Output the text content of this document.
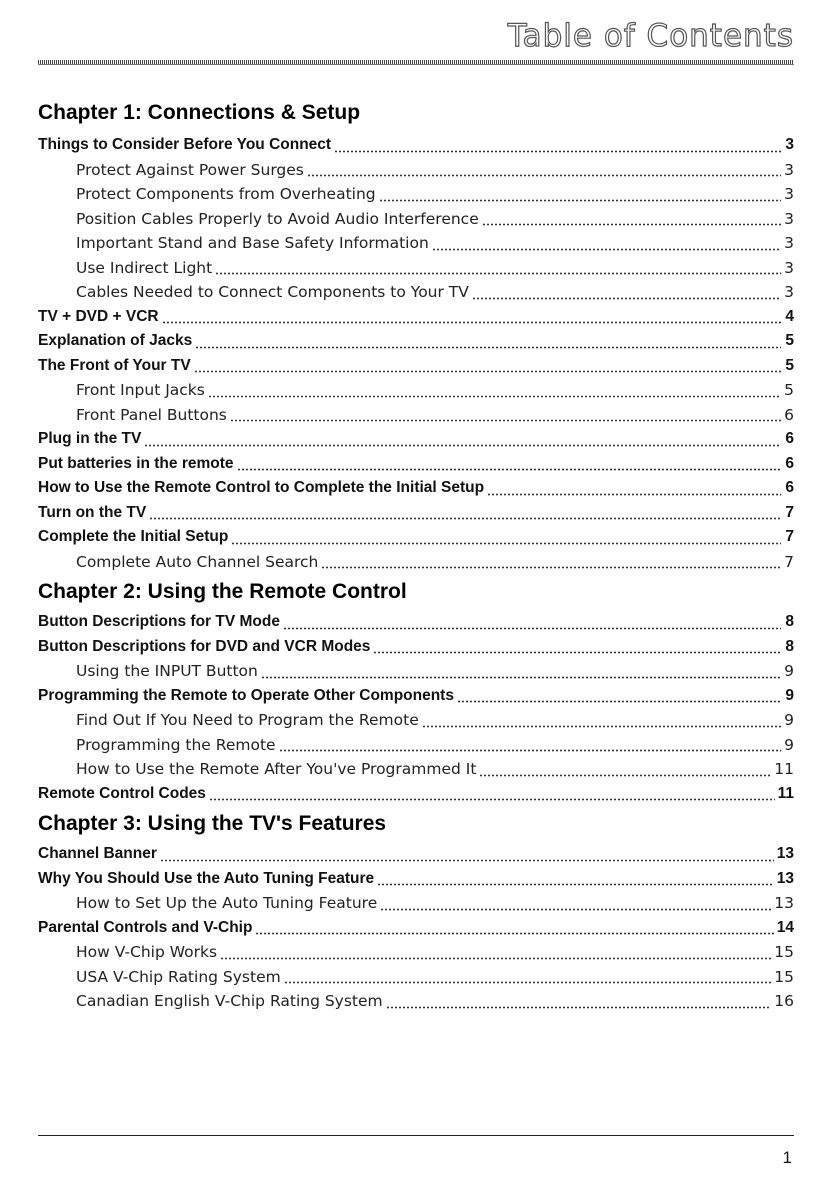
Table of Contents
Chapter 1: Connections & Setup
Things to Consider Before You Connect	3
Protect Against Power Surges	3
Protect Components from Overheating	3
Position Cables Properly to Avoid Audio Interference	3
Important Stand and Base Safety Information	3
Use Indirect Light	3
Cables Needed to Connect Components to Your TV	3
TV + DVD + VCR	4
Explanation of Jacks	5
The Front of Your TV	5
Front Input Jacks	5
Front Panel Buttons	6
Plug in the TV	6
Put batteries in the remote	6
How to Use the Remote Control to Complete the Initial Setup	6
Turn on the TV	7
Complete the Initial Setup	7
Complete Auto Channel Search	7
Chapter 2: Using the Remote Control
Button Descriptions for TV Mode	8
Button Descriptions for DVD and VCR Modes	8
Using the INPUT Button	9
Programming the Remote to Operate Other Components	9
Find Out If You Need to Program the Remote	9
Programming the Remote	9
How to Use the Remote After You've Programmed It	11
Remote Control Codes	11
Chapter 3: Using the TV's Features
Channel Banner	13
Why You Should Use the Auto Tuning Feature	13
How to Set Up the Auto Tuning Feature	13
Parental Controls and V-Chip	14
How V-Chip Works	15
USA V-Chip Rating System	15
Canadian English V-Chip Rating System	16
1
